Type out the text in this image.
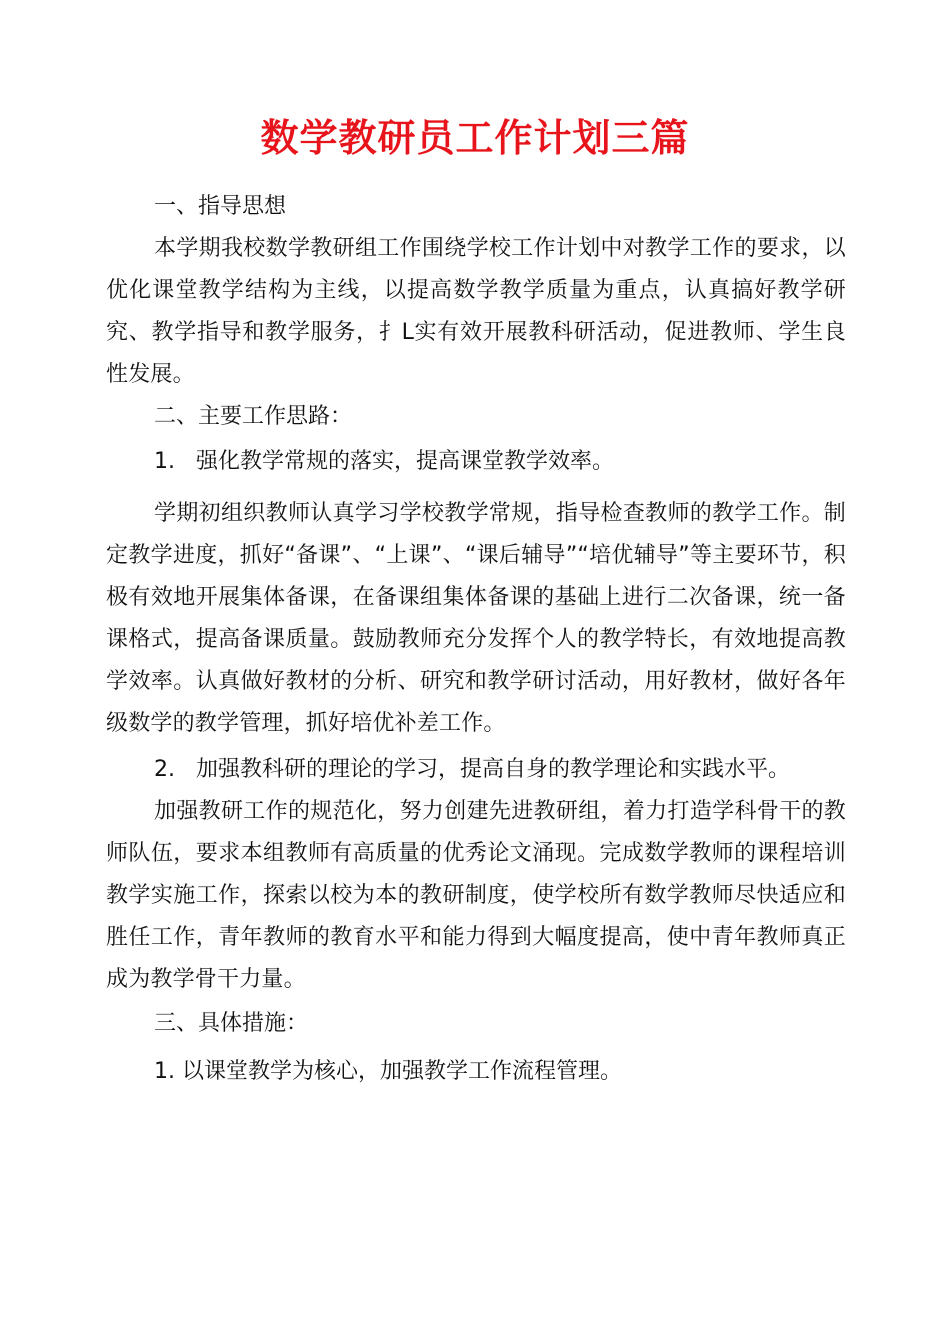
数学教研员工作计划三篇

一、指导思想

本学期我校数学教研组工作围绕学校工作计划中对教学工作的要求，以优化课堂教学结构为主线，以提高数学教学质量为重点，认真搞好教学研究、教学指导和教学服务，扌L实有效开展教科研活动，促进教师、学生良性发展。

二、主要工作思路：

1. 强化教学常规的落实，提高课堂教学效率。

学期初组织教师认真学习学校教学常规，指导检查教师的教学工作。制定教学进度，抓好“备课”、“上课”、“课后辅导”“培优辅导”等主要环节，积极有效地开展集体备课，在备课组集体备课的基础上进行二次备课，统一备课格式，提高备课质量。鼓励教师充分发挥个人的教学特长，有效地提高教学效率。认真做好教材的分析、研究和教学研讨活动，用好教材，做好各年级数学的教学管理，抓好培优补差工作。

2. 加强教科研的理论的学习，提高自身的教学理论和实践水平。

加强教研工作的规范化，努力创建先进教研组，着力打造学科骨干的教师队伍，要求本组教师有高质量的优秀论文涌现。完成数学教师的课程培训教学实施工作，探索以校为本的教研制度，使学校所有数学教师尽快适应和胜任工作，青年教师的教育水平和能力得到大幅度提高，使中青年教师真正成为教学骨干力量。

三、具体措施：

1. 以课堂教学为核心，加强教学工作流程管理。
